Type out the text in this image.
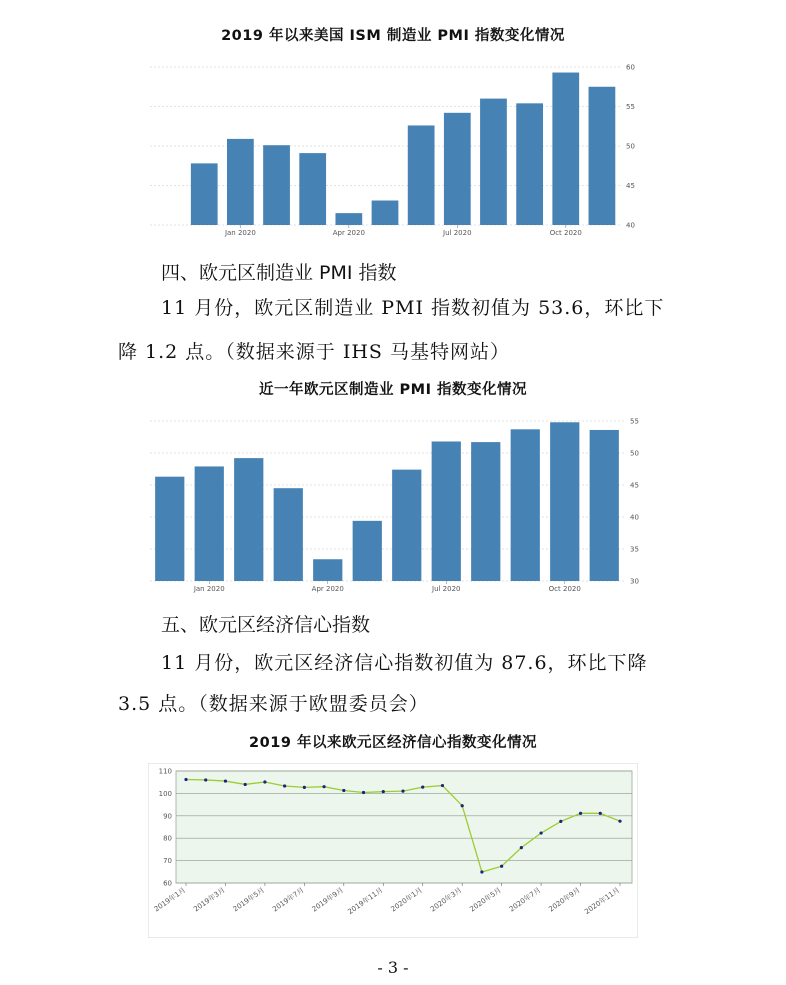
2019 年以来美国 ISM 制造业 PMI 指数变化情况
60
55
50
45
40
Jan 2020	Apr 2020	Jul 2020	Oct 2020
四、欧元区制造业 PMI 指数
11 月份，欧元区制造业 PMI 指数初值为 53.6，环比下
降 1.2 点。（数据来源于 IHS 马基特网站）
近一年欧元区制造业 PMI 指数变化情况
55
50
45
40
35
30
Jan 2020	Apr 2020	Jul 2020	Oct 2020
五、欧元区经济信心指数
11 月份，欧元区经济信心指数初值为 87.6，环比下降
3.5 点。（数据来源于欧盟委员会）
2019 年以来欧元区经济信心指数变化情况
110
100
90
80
70
60
2019年1月 2019年3月 2019年5月 2019年7月 2019年9月 2019年11月 2020年1月 2020年3月 2020年5月 2020年7月 2020年9月 2020年11月
- 3 -
